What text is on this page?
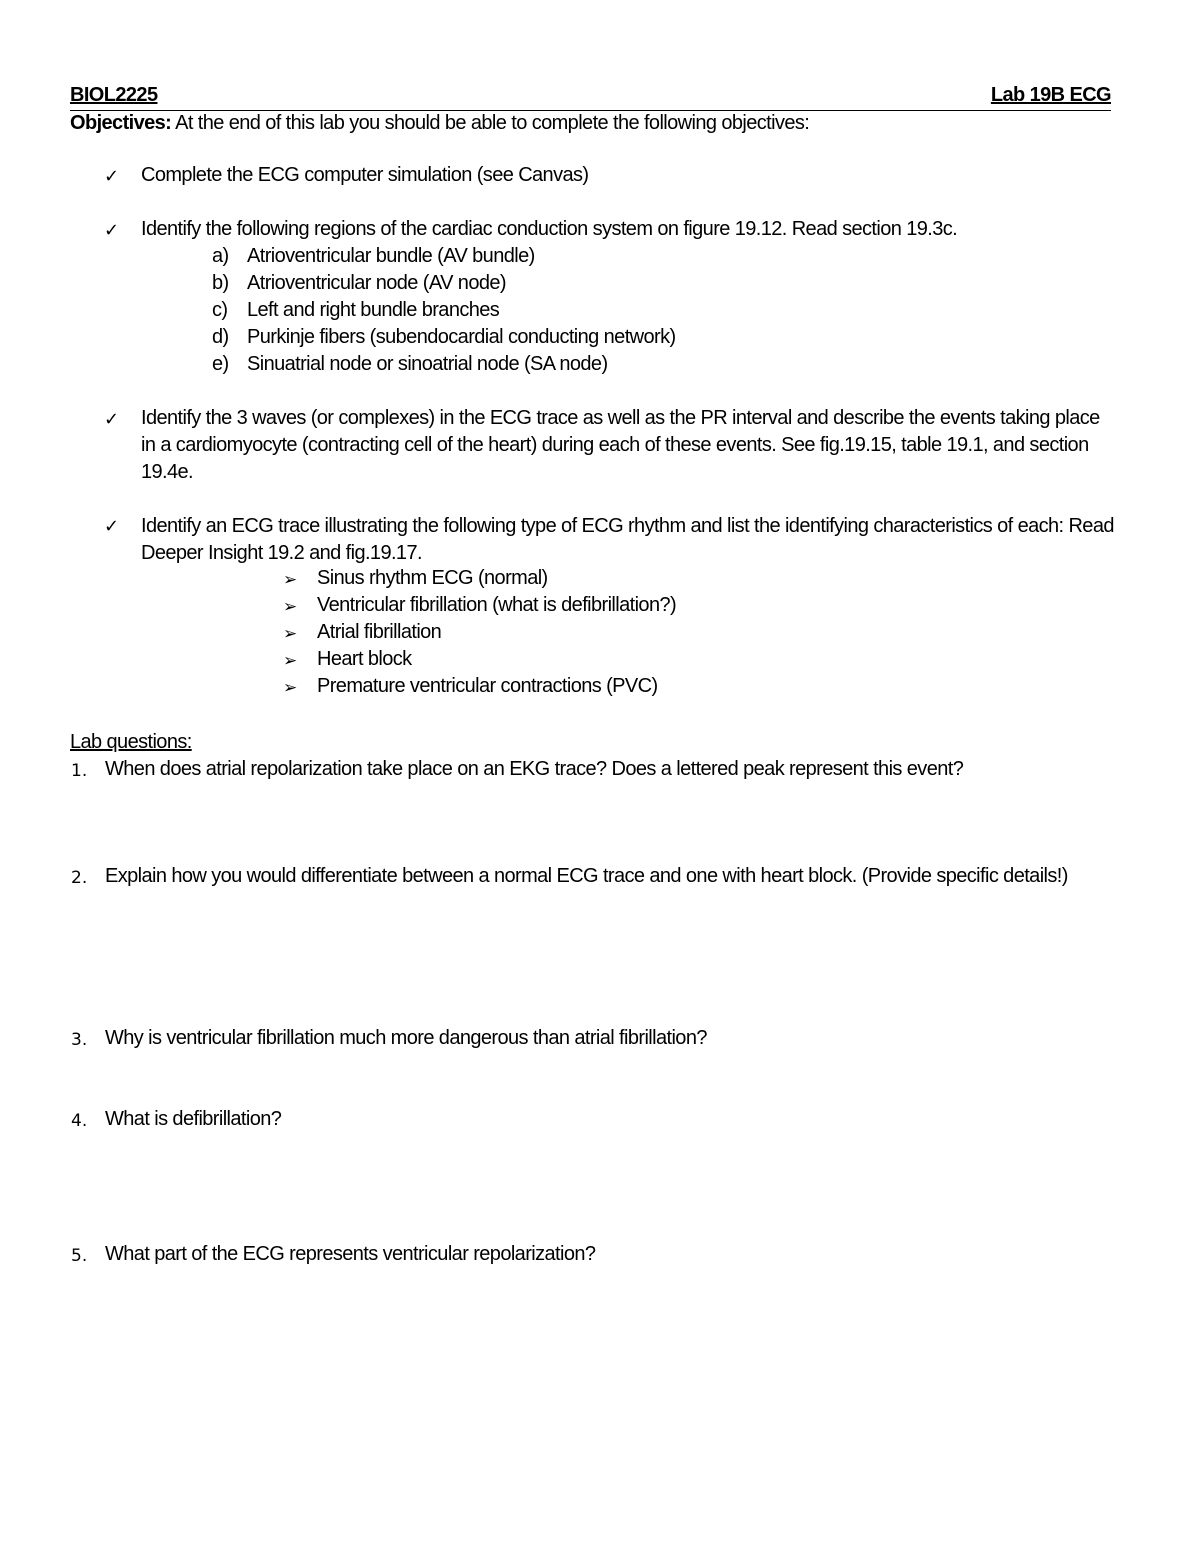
BIOL2225	Lab 19B ECG
Objectives: At the end of this lab you should be able to complete the following objectives:
✓ Complete the ECG computer simulation (see Canvas)
✓ Identify the following regions of the cardiac conduction system on figure 19.12. Read section 19.3c.
a) Atrioventricular bundle (AV bundle)
b) Atrioventricular node (AV node)
c) Left and right bundle branches
d) Purkinje fibers (subendocardial conducting network)
e) Sinuatrial node or sinoatrial node (SA node)
✓ Identify the 3 waves (or complexes) in the ECG trace as well as the PR interval and describe the events taking place in a cardiomyocyte (contracting cell of the heart) during each of these events. See fig.19.15, table 19.1, and section 19.4e.
✓ Identify an ECG trace illustrating the following type of ECG rhythm and list the identifying characteristics of each: Read Deeper Insight 19.2 and fig.19.17.
➢ Sinus rhythm ECG (normal)
➢ Ventricular fibrillation (what is defibrillation?)
➢ Atrial fibrillation
➢ Heart block
➢ Premature ventricular contractions (PVC)
Lab questions:
1. When does atrial repolarization take place on an EKG trace? Does a lettered peak represent this event?
2. Explain how you would differentiate between a normal ECG trace and one with heart block. (Provide specific details!)
3. Why is ventricular fibrillation much more dangerous than atrial fibrillation?
4. What is defibrillation?
5. What part of the ECG represents ventricular repolarization?
